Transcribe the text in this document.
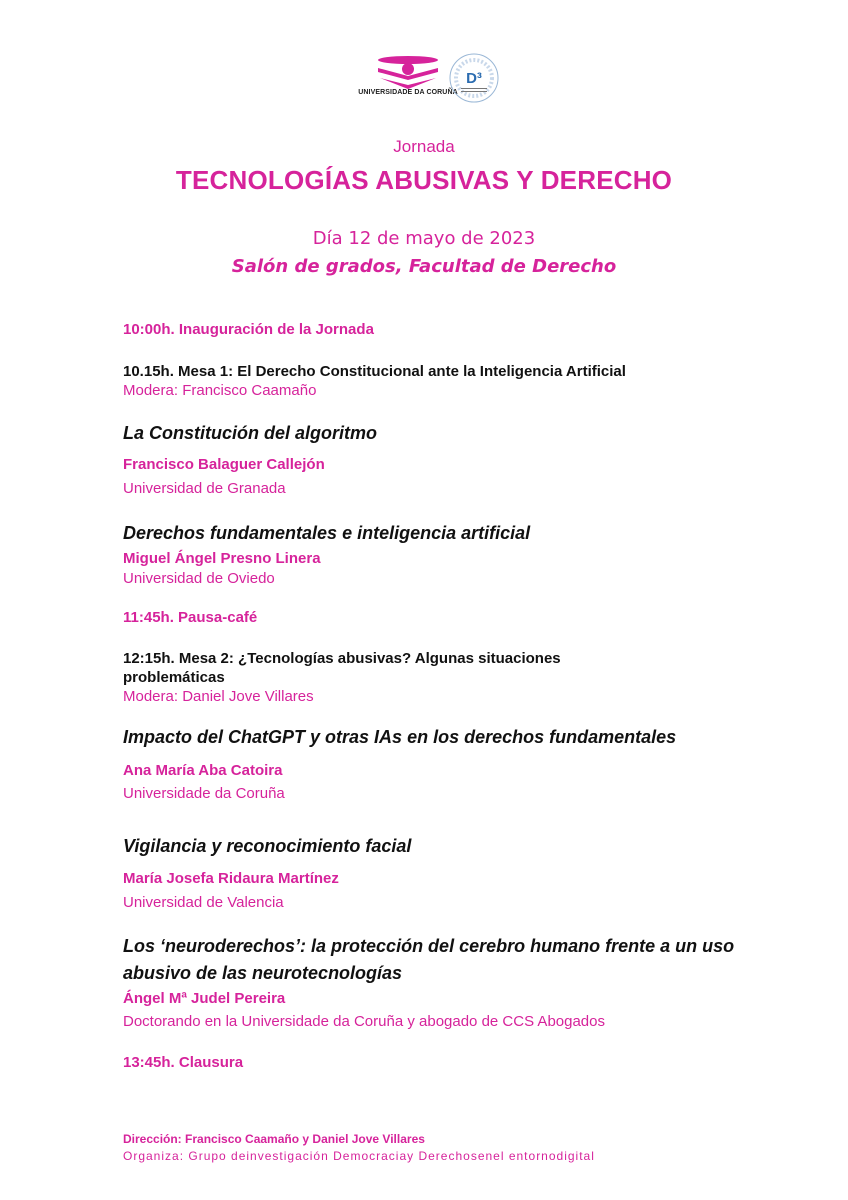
UNIVERSIDADE DA CORUÑA
D³
Jornada
TECNOLOGÍAS ABUSIVAS Y DERECHO
Día 12 de mayo de 2023
Salón de grados, Facultad de Derecho
10:00h. Inauguración de la Jornada
10.15h. Mesa 1: El Derecho Constitucional ante la Inteligencia Artificial
Modera: Francisco Caamaño
La Constitución del algoritmo
Francisco Balaguer Callejón
Universidad de Granada
Derechos fundamentales e inteligencia artificial
Miguel Ángel Presno Linera
Universidad de Oviedo
11:45h. Pausa-café
12:15h. Mesa 2: ¿Tecnologías abusivas? Algunas situaciones problemáticas
Modera: Daniel Jove Villares
Impacto del ChatGPT y otras IAs en los derechos fundamentales
Ana María Aba Catoira
Universidade da Coruña
Vigilancia y reconocimiento facial
María Josefa Ridaura Martínez
Universidad de Valencia
Los ‘neuroderechos’: la protección del cerebro humano frente a un uso abusivo de las neurotecnologías
Ángel Mª Judel Pereira
Doctorando en la Universidade da Coruña y abogado de CCS Abogados
13:45h. Clausura
Dirección: Francisco Caamaño y Daniel Jove Villares
Organiza: Grupo deinvestigación Democraciay Derechosenel entornodigital
